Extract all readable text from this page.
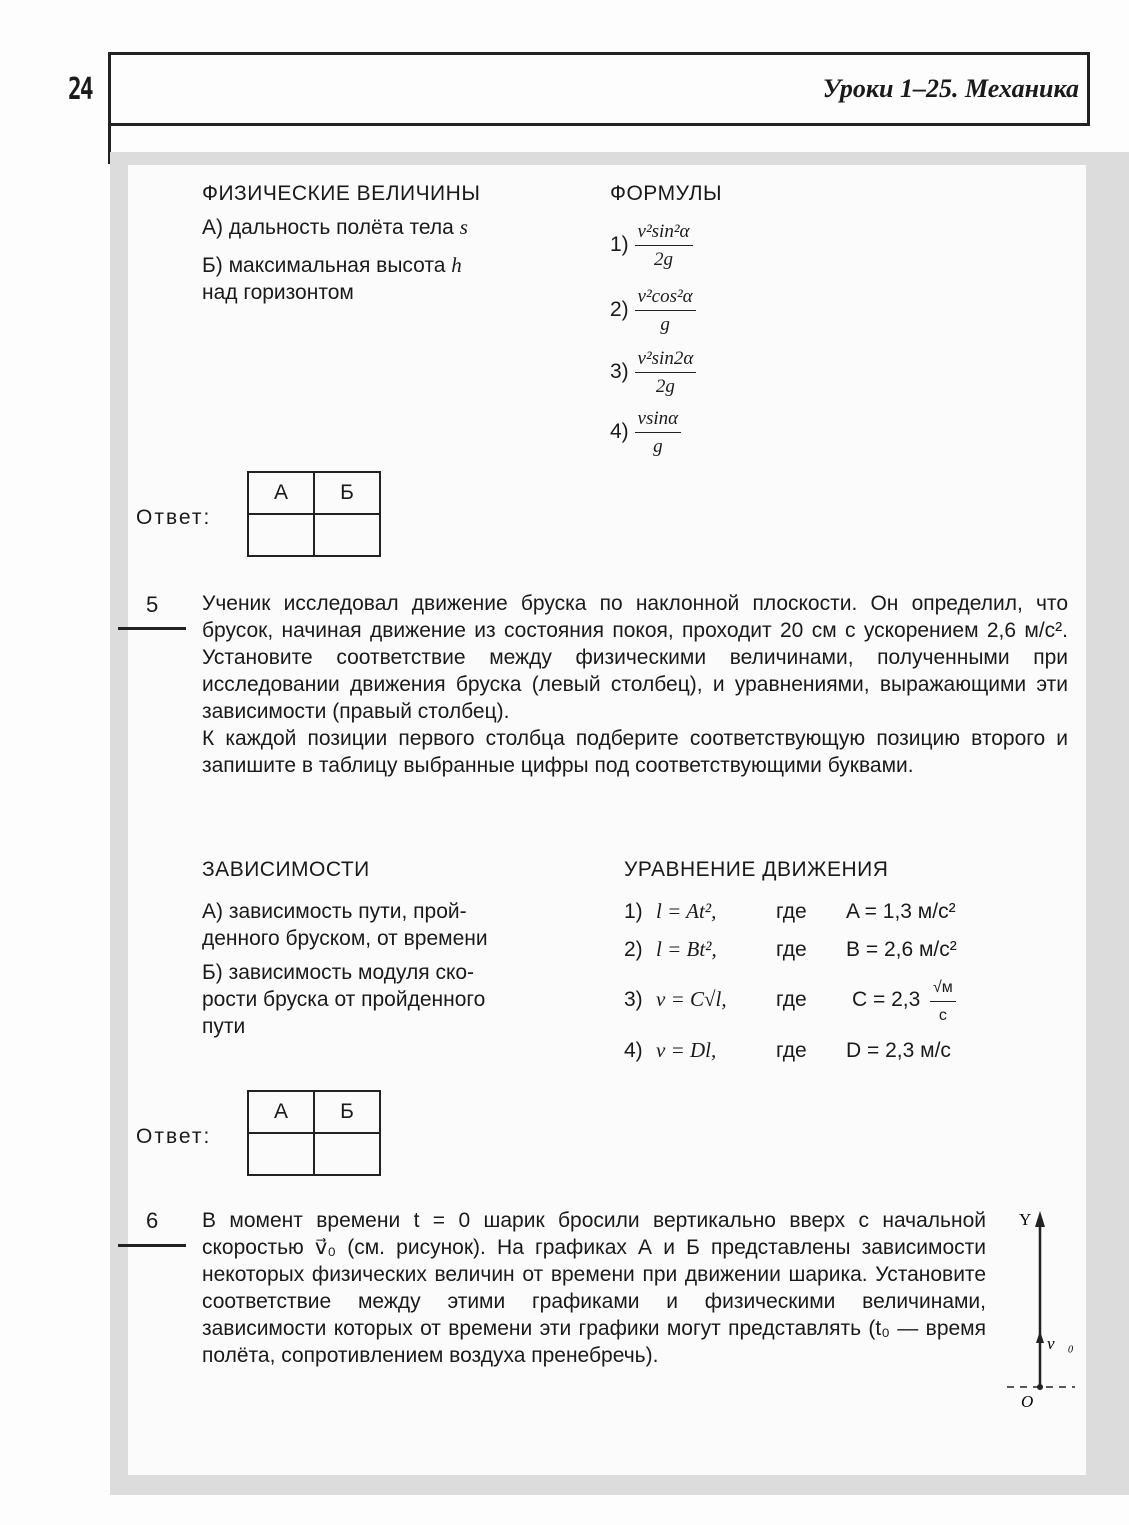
24	Уроки 1–25. Механика
ФИЗИЧЕСКИЕ ВЕЛИЧИНЫ
А) дальность полёта тела s
Б) максимальная высота h
над горизонтом
ФОРМУЛЫ
$1) \frac{\text{v²sin²α}}{2g}$
$2) \frac{\text{v²cos²α}}{g}$
$3) \frac{\text{v²sin2α}}{2g}$
$4) \frac{vsin\alpha}{g}$
Ответ:
А	Б

5 Ученик исследовал движение бруска по наклонной плоскости. Он определил, что брусок, начиная движение из состояния покоя, проходит 20 см с ускорением 2,6 м/с². Установите соответствие между физическими величинами, полученными при исследовании движения бруска (левый столбец), и уравнениями, выражающими эти зависимости (правый столбец).

К каждой позиции первого столбца подберите соответствующую позицию второго и запишите в таблицу выбранные цифры под соответствующими буквами.

ЗАВИСИМОСТИ
А) зависимость пути, прой-
денного бруском, от времени
Б) зависимость модуля ско-
рости бруска от пройденного
пути
УРАВНЕНИЕ ДВИЖЕНИЯ
1) l = At²,	где A = 1,3 м/с²
2) l = Bt²,	где B = 2,6 м/с²
3) v = C√l, где C = 2,3
√м
с
4) v = Dl,	где D = 2,3 м/с
Ответ:
А	Б

6 В момент времени t = 0 шарик бросили вертикально вверх с начальной скоростью v⃗₀ (см. рисунок). На графиках А и Б представлены зависимости некоторых физических величин от времени при движении шарика. Установите соответствие между этими графиками и физическими величинами, зависимости которых от времени эти графики могут представлять (t₀ — время полёта, сопротивлением воздуха пренебречь).
Y
v⃗₀
O
